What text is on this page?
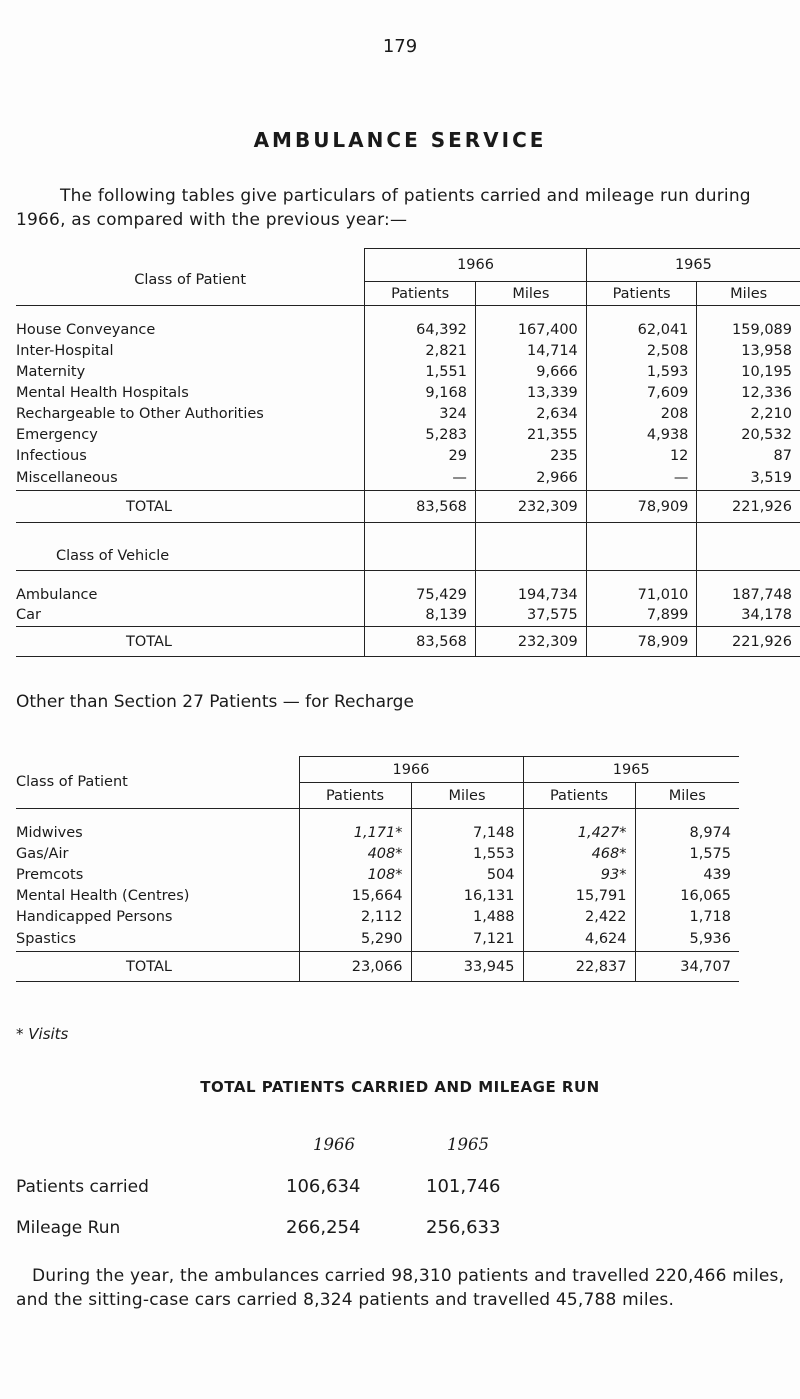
179
AMBULANCE SERVICE
The following tables give particulars of patients carried and mileage run during 1966, as compared with the previous year:—
Class of Patient	1966		1965	
	Patients	Miles	Patients	Miles

House Conveyance	64,392	167,400	62,041	159,089
Inter-Hospital	2,821	14,714	2,508	13,958
Maternity	1,551	9,666	1,593	10,195
Mental Health Hospitals	9,168	13,339	7,609	12,336
Rechargeable to Other Authorities	324	2,634	208	2,210
Emergency	5,283	21,355	4,938	20,532
Infectious	29	235	12	87
Miscellaneous	—	2,966	—	3,519
TOTAL	83,568	232,309	78,909	221,926
Class of Vehicle				

Ambulance	75,429	194,734	71,010	187,748
Car	8,139	37,575	7,899	34,178
TOTAL	83,568	232,309	78,909	221,926
Other than Section 27 Patients — for Recharge
Class of Patient	1966		1965	
	Patients	Miles	Patients	Miles

Midwives	1,171*	7,148	1,427*	8,974
Gas/Air	408*	1,553	468*	1,575
Premcots	108*	504	93*	439
Mental Health (Centres)	15,664	16,131	15,791	16,065
Handicapped Persons	2,112	1,488	2,422	1,718
Spastics	5,290	7,121	4,624	5,936
TOTAL	23,066	33,945	22,837	34,707
* Visits
TOTAL PATIENTS CARRIED AND MILEAGE RUN
1966	1965
Patients carried	106,634	101,746
Mileage Run	266,254	256,633
During the year, the ambulances carried 98,310 patients and travelled 220,466 miles, and the sitting-case cars carried 8,324 patients and travelled 45,788 miles.
